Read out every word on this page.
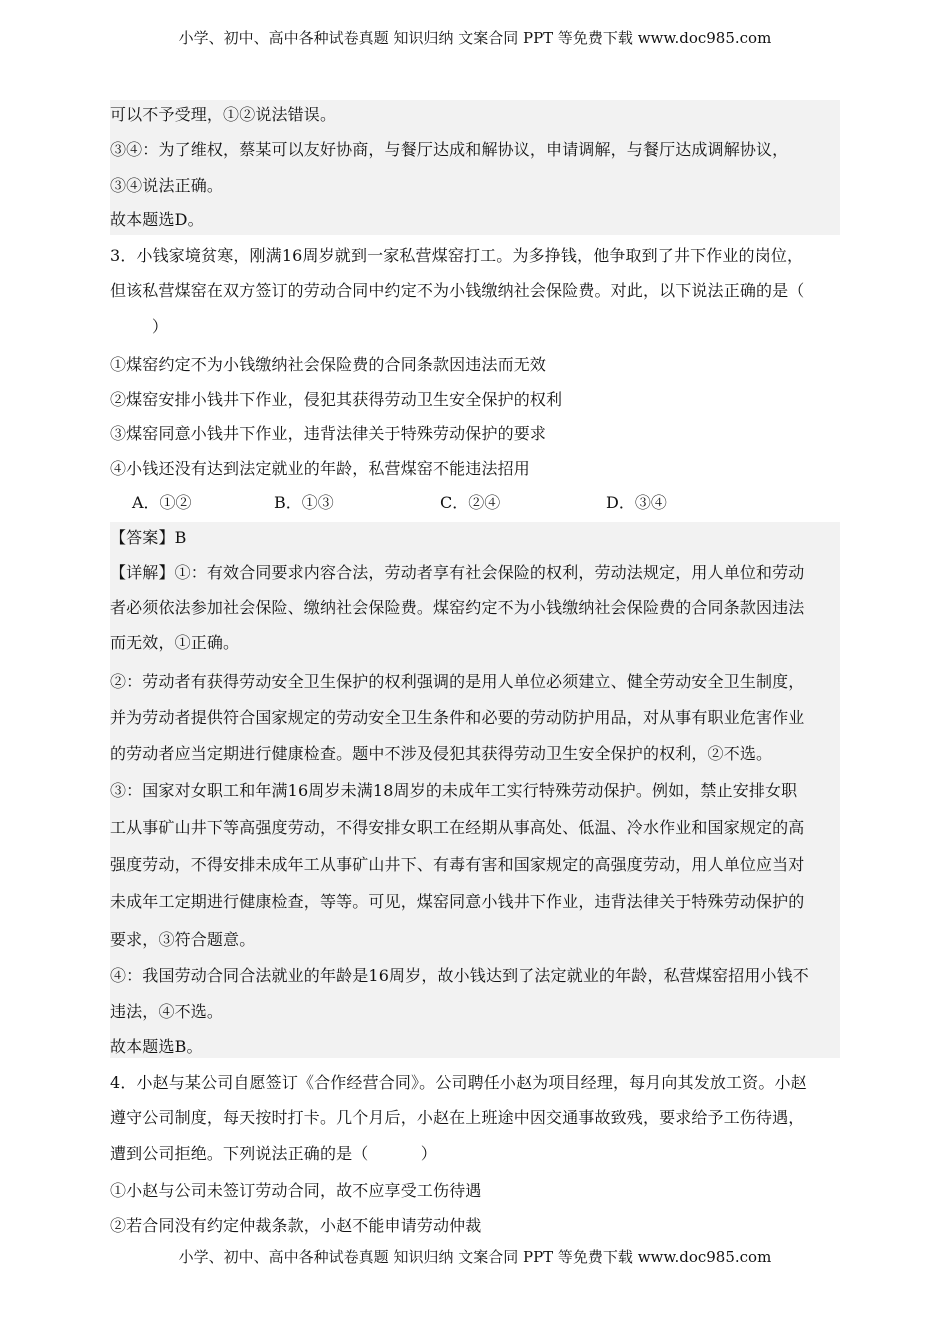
小学、初中、高中各种试卷真题 知识归纳 文案合同 PPT 等免费下载 www.doc985.com
可以不予受理，①②说法错误。
③④：为了维权，蔡某可以友好协商，与餐厅达成和解协议，申请调解，与餐厅达成调解协议，
③④说法正确。
故本题选D。
3．小钱家境贫寒，刚满16周岁就到一家私营煤窑打工。为多挣钱，他争取到了井下作业的岗位，
但该私营煤窑在双方签订的劳动合同中约定不为小钱缴纳社会保险费。对此，以下说法正确的是（
）
①煤窑约定不为小钱缴纳社会保险费的合同条款因违法而无效
②煤窑安排小钱井下作业，侵犯其获得劳动卫生安全保护的权利
③煤窑同意小钱井下作业，违背法律关于特殊劳动保护的要求
④小钱还没有达到法定就业的年龄，私营煤窑不能违法招用
A．①②	B．①③	C．②④	D．③④
【答案】B
【详解】①：有效合同要求内容合法，劳动者享有社会保险的权利，劳动法规定，用人单位和劳动
者必须依法参加社会保险、缴纳社会保险费。煤窑约定不为小钱缴纳社会保险费的合同条款因违法
而无效，①正确。
②：劳动者有获得劳动安全卫生保护的权利强调的是用人单位必须建立、健全劳动安全卫生制度，
并为劳动者提供符合国家规定的劳动安全卫生条件和必要的劳动防护用品，对从事有职业危害作业
的劳动者应当定期进行健康检查。题中不涉及侵犯其获得劳动卫生安全保护的权利，②不选。
③：国家对女职工和年满16周岁未满18周岁的未成年工实行特殊劳动保护。例如，禁止安排女职
工从事矿山井下等高强度劳动，不得安排女职工在经期从事高处、低温、冷水作业和国家规定的高
强度劳动，不得安排未成年工从事矿山井下、有毒有害和国家规定的高强度劳动，用人单位应当对
未成年工定期进行健康检查，等等。可见，煤窑同意小钱井下作业，违背法律关于特殊劳动保护的
要求，③符合题意。
④：我国劳动合同合法就业的年龄是16周岁，故小钱达到了法定就业的年龄，私营煤窑招用小钱不
违法，④不选。
故本题选B。
4．小赵与某公司自愿签订《合作经营合同》。公司聘任小赵为项目经理，每月向其发放工资。小赵
遵守公司制度，每天按时打卡。几个月后，小赵在上班途中因交通事故致残，要求给予工伤待遇，
遭到公司拒绝。下列说法正确的是（          ）
①小赵与公司未签订劳动合同，故不应享受工伤待遇
②若合同没有约定仲裁条款，小赵不能申请劳动仲裁
小学、初中、高中各种试卷真题 知识归纳 文案合同 PPT 等免费下载 www.doc985.com
